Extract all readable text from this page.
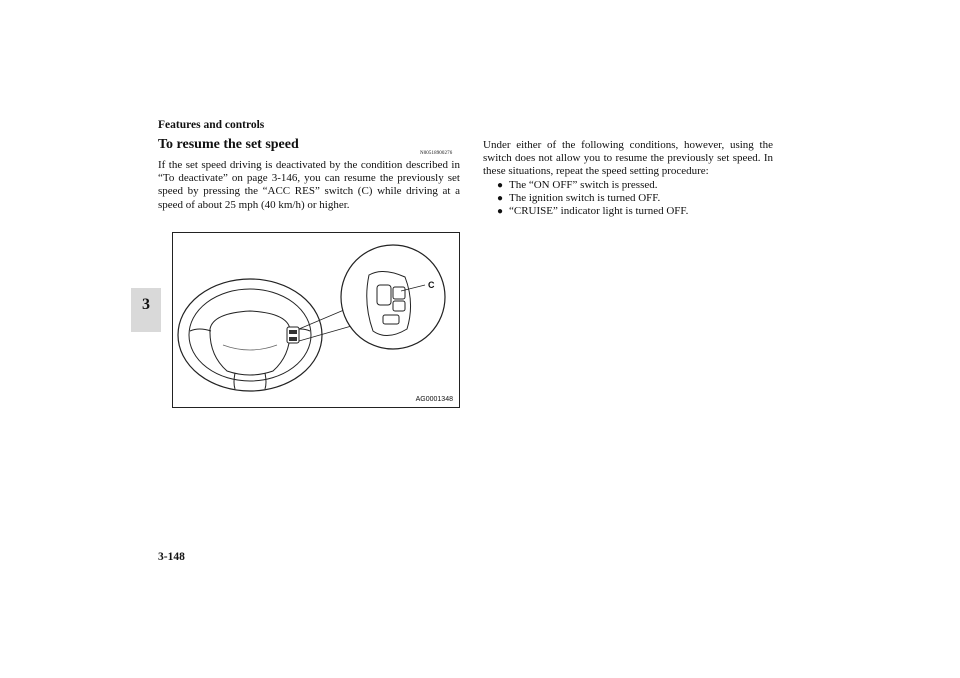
Features and controls
3
To resume the set speed
N00518900276
If the set speed driving is deactivated by the condition described in “To deactivate” on page 3-146, you can resume the previously set speed by pressing the “ACC RES” switch (C) while driving at a speed of about 25 mph (40 km/h) or higher.
C
AG0001348
Under either of the following conditions, however, using the switch does not allow you to resume the previously set speed. In these situations, repeat the speed setting procedure:
● The “ON OFF” switch is pressed.
● The ignition switch is turned OFF.
● “CRUISE” indicator light is turned OFF.
3-148
